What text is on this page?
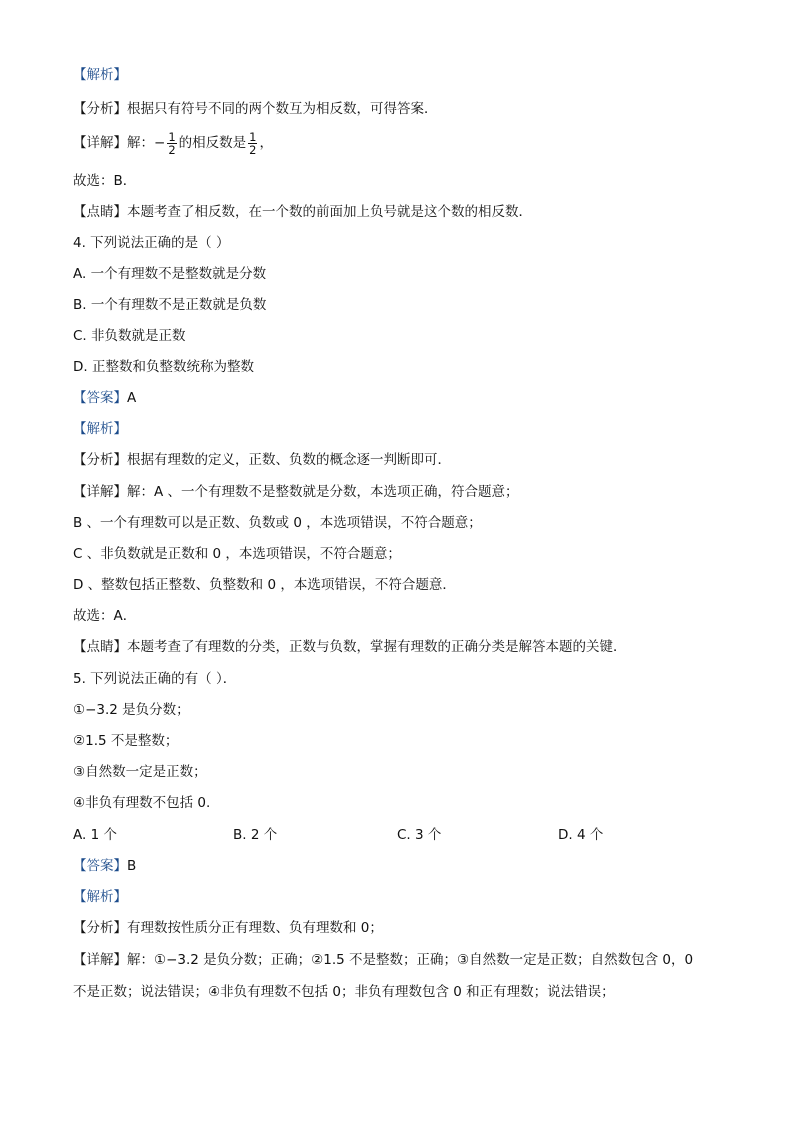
【解析】
【分析】根据只有符号不同的两个数互为相反数，可得答案．
【详解】解：− $\frac{1}{2}$ 的相反数是 $\frac{1}{2}$ ，
故选：B．
【点睛】本题考查了相反数，在一个数的前面加上负号就是这个数的相反数．
4. 下列说法正确的是（ ）
A. 一个有理数不是整数就是分数
B. 一个有理数不是正数就是负数
C. 非负数就是正数
D. 正整数和负整数统称为整数
【答案】A
【解析】
【分析】根据有理数的定义，正数、负数的概念逐一判断即可．
【详解】解：A 、一个有理数不是整数就是分数，本选项正确，符合题意；
B 、一个有理数可以是正数、负数或 0 ，本选项错误，不符合题意；
C 、非负数就是正数和 0 ，本选项错误，不符合题意；
D 、整数包括正整数、负整数和 0 ，本选项错误，不符合题意．
故选：A．
【点睛】本题考查了有理数的分类，正数与负数，掌握有理数的正确分类是解答本题的关键．
5. 下列说法正确的有（ ）．
①−3.2 是负分数；
②1.5 不是整数；
③自然数一定是正数；
④非负有理数不包括 0.
A. 1 个	B. 2 个	C. 3 个	D. 4 个
【答案】B
【解析】
【分析】有理数按性质分正有理数、负有理数和 0；
【详解】解：①−3.2 是负分数；正确；②1.5 不是整数；正确；③自然数一定是正数；自然数包含 0，0
不是正数；说法错误；④非负有理数不包括 0；非负有理数包含 0 和正有理数；说法错误；
